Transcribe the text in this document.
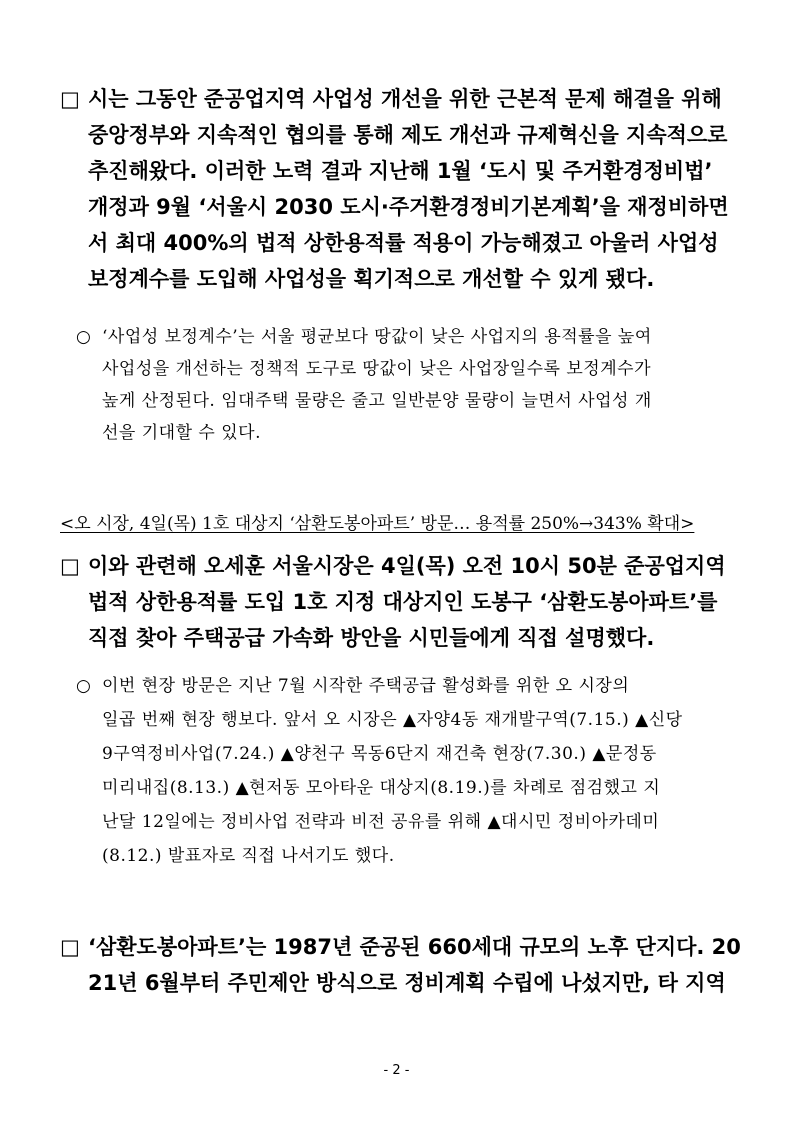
□ 시는 그동안 준공업지역 사업성 개선을 위한 근본적 문제 해결을 위해
중앙정부와 지속적인 협의를 통해 제도 개선과 규제혁신을 지속적으로
추진해왔다. 이러한 노력 결과 지난해 1월 ‘도시 및 주거환경정비법’
개정과 9월 ‘서울시 2030 도시·주거환경정비기본계획’을 재정비하면
서 최대 400%의 법적 상한용적률 적용이 가능해졌고 아울러 사업성
보정계수를 도입해 사업성을 획기적으로 개선할 수 있게 됐다.
○ ‘사업성 보정계수’는 서울 평균보다 땅값이 낮은 사업지의 용적률을 높여
사업성을 개선하는 정책적 도구로 땅값이 낮은 사업장일수록 보정계수가
높게 산정된다. 임대주택 물량은 줄고 일반분양 물량이 늘면서 사업성 개
선을 기대할 수 있다.
<오 시장, 4일(목) 1호 대상지 ‘삼환도봉아파트’ 방문… 용적률 250%→343% 확대>
□ 이와 관련해 오세훈 서울시장은 4일(목) 오전 10시 50분 준공업지역
법적 상한용적률 도입 1호 지정 대상지인 도봉구 ‘삼환도봉아파트’를
직접 찾아 주택공급 가속화 방안을 시민들에게 직접 설명했다.
○ 이번 현장 방문은 지난 7월 시작한 주택공급 활성화를 위한 오 시장의
일곱 번째 현장 행보다. 앞서 오 시장은 ▲자양4동 재개발구역(7.15.) ▲신당
9구역정비사업(7.24.) ▲양천구 목동6단지 재건축 현장(7.30.) ▲문정동
미리내집(8.13.) ▲현저동 모아타운 대상지(8.19.)를 차례로 점검했고 지
난달 12일에는 정비사업 전략과 비전 공유를 위해 ▲대시민 정비아카데미
(8.12.) 발표자로 직접 나서기도 했다.
□ ‘삼환도봉아파트’는 1987년 준공된 660세대 규모의 노후 단지다. 20
21년 6월부터 주민제안 방식으로 정비계획 수립에 나섰지만, 타 지역
- 2 -
